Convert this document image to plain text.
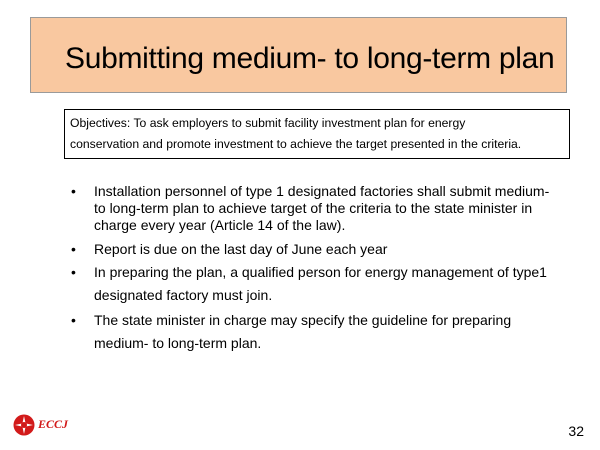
Submitting medium- to long-term plan
Objectives: To ask employers to submit facility investment plan for energy
conservation and promote investment to achieve the target presented in the criteria.
• Installation personnel of type 1 designated factories shall submit medium- to long-term plan to achieve target of the criteria to the state minister in charge every year (Article 14 of the law).
• Report is due on the last day of June each year
• In preparing the plan, a qualified person for energy management of type1 designated factory must join.
• The state minister in charge may specify the guideline for preparing medium- to long-term plan.
ECCJ	32
